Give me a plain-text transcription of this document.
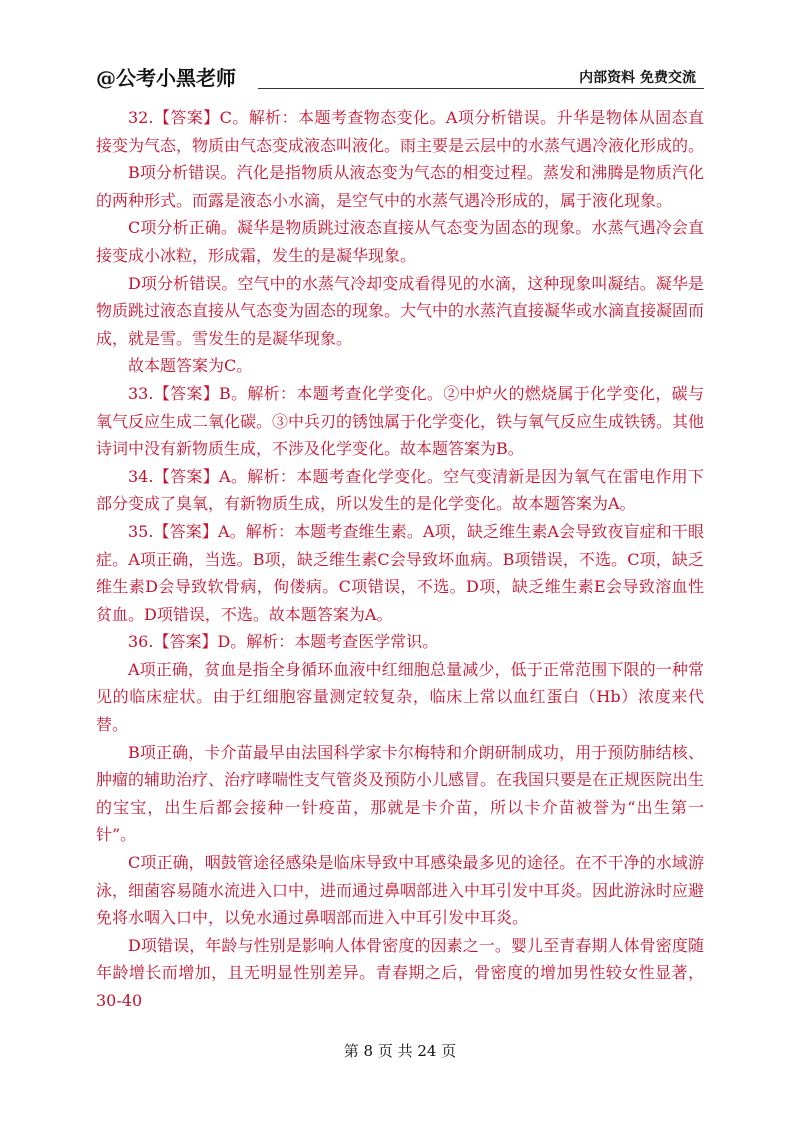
@公考小黑老师	内部资料 免费交流

32.【答案】C。解析：本题考查物态变化。A项分析错误。升华是物体从固态直接变为气态，物质由气态变成液态叫液化。雨主要是云层中的水蒸气遇冷液化形成的。

B项分析错误。汽化是指物质从液态变为气态的相变过程。蒸发和沸腾是物质汽化的两种形式。而露是液态小水滴，是空气中的水蒸气遇冷形成的，属于液化现象。

C项分析正确。凝华是物质跳过液态直接从气态变为固态的现象。水蒸气遇冷会直接变成小冰粒，形成霜，发生的是凝华现象。

D项分析错误。空气中的水蒸气冷却变成看得见的水滴，这种现象叫凝结。凝华是物质跳过液态直接从气态变为固态的现象。大气中的水蒸汽直接凝华或水滴直接凝固而成，就是雪。雪发生的是凝华现象。

故本题答案为C。

33.【答案】B。解析：本题考查化学变化。②中炉火的燃烧属于化学变化，碳与氧气反应生成二氧化碳。③中兵刃的锈蚀属于化学变化，铁与氧气反应生成铁锈。其他诗词中没有新物质生成，不涉及化学变化。故本题答案为B。

34.【答案】A。解析：本题考查化学变化。空气变清新是因为氧气在雷电作用下部分变成了臭氧，有新物质生成，所以发生的是化学变化。故本题答案为A。

35.【答案】A。解析：本题考查维生素。A项，缺乏维生素A会导致夜盲症和干眼症。A项正确，当选。B项，缺乏维生素C会导致坏血病。B项错误，不选。C项，缺乏维生素D会导致软骨病，佝偻病。C项错误，不选。D项，缺乏维生素E会导致溶血性贫血。D项错误，不选。故本题答案为A。

36.【答案】D。解析：本题考查医学常识。

A项正确，贫血是指全身循环血液中红细胞总量减少，低于正常范围下限的一种常见的临床症状。由于红细胞容量测定较复杂，临床上常以血红蛋白（Hb）浓度来代替。

B项正确，卡介苗最早由法国科学家卡尔梅特和介朗研制成功，用于预防肺结核、肿瘤的辅助治疗、治疗哮喘性支气管炎及预防小儿感冒。在我国只要是在正规医院出生的宝宝，出生后都会接种一针疫苗，那就是卡介苗，所以卡介苗被誉为“出生第一针”。

C项正确，咽鼓管途径感染是临床导致中耳感染最多见的途径。在不干净的水域游泳，细菌容易随水流进入口中，进而通过鼻咽部进入中耳引发中耳炎。因此游泳时应避免将水咽入口中，以免水通过鼻咽部而进入中耳引发中耳炎。

D项错误，年龄与性别是影响人体骨密度的因素之一。婴儿至青春期人体骨密度随年龄增长而增加，且无明显性别差异。青春期之后，骨密度的增加男性较女性显著，30-40

第 8 页 共 24 页
